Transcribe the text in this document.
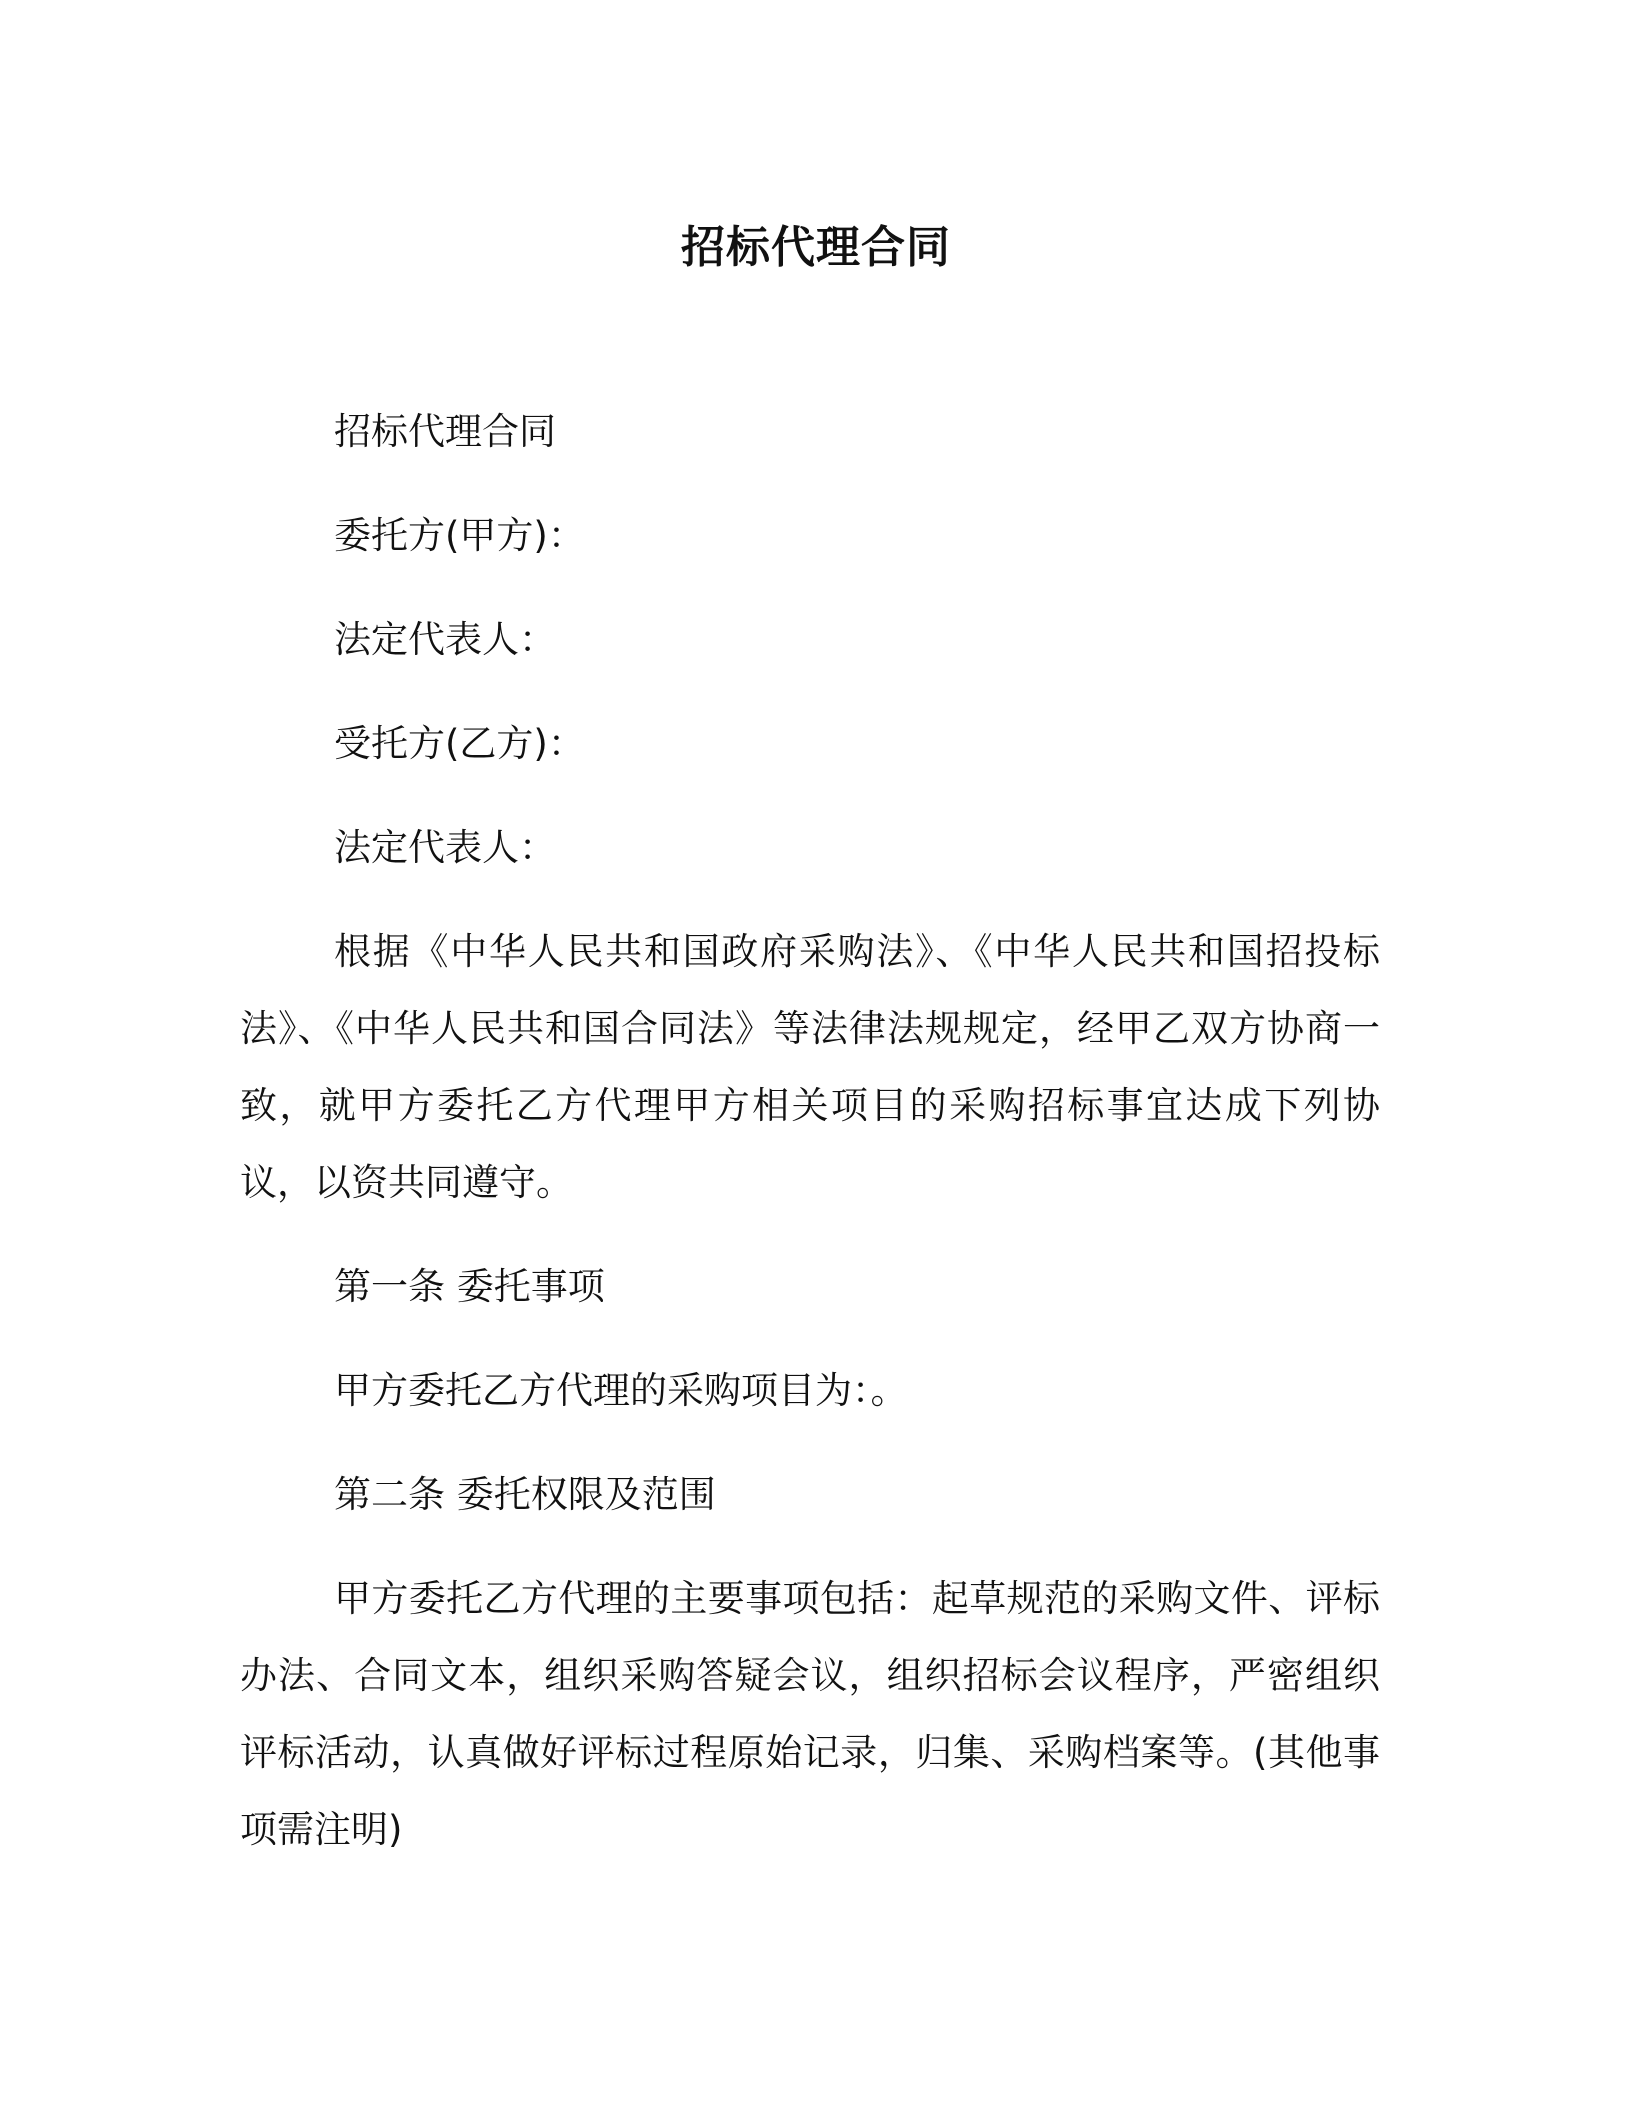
招标代理合同

招标代理合同

委托方(甲方)：

法定代表人：

受托方(乙方)：

法定代表人：

根据《中华人民共和国政府采购法》、《中华人民共和国招投标法》、《中华人民共和国合同法》等法律法规规定，经甲乙双方协商一致，就甲方委托乙方代理甲方相关项目的采购招标事宜达成下列协议，以资共同遵守。

第一条 委托事项

甲方委托乙方代理的采购项目为：。

第二条 委托权限及范围

甲方委托乙方代理的主要事项包括：起草规范的采购文件、评标办法、合同文本，组织采购答疑会议，组织招标会议程序，严密组织评标活动，认真做好评标过程原始记录，归集、采购档案等。(其他事项需注明)
